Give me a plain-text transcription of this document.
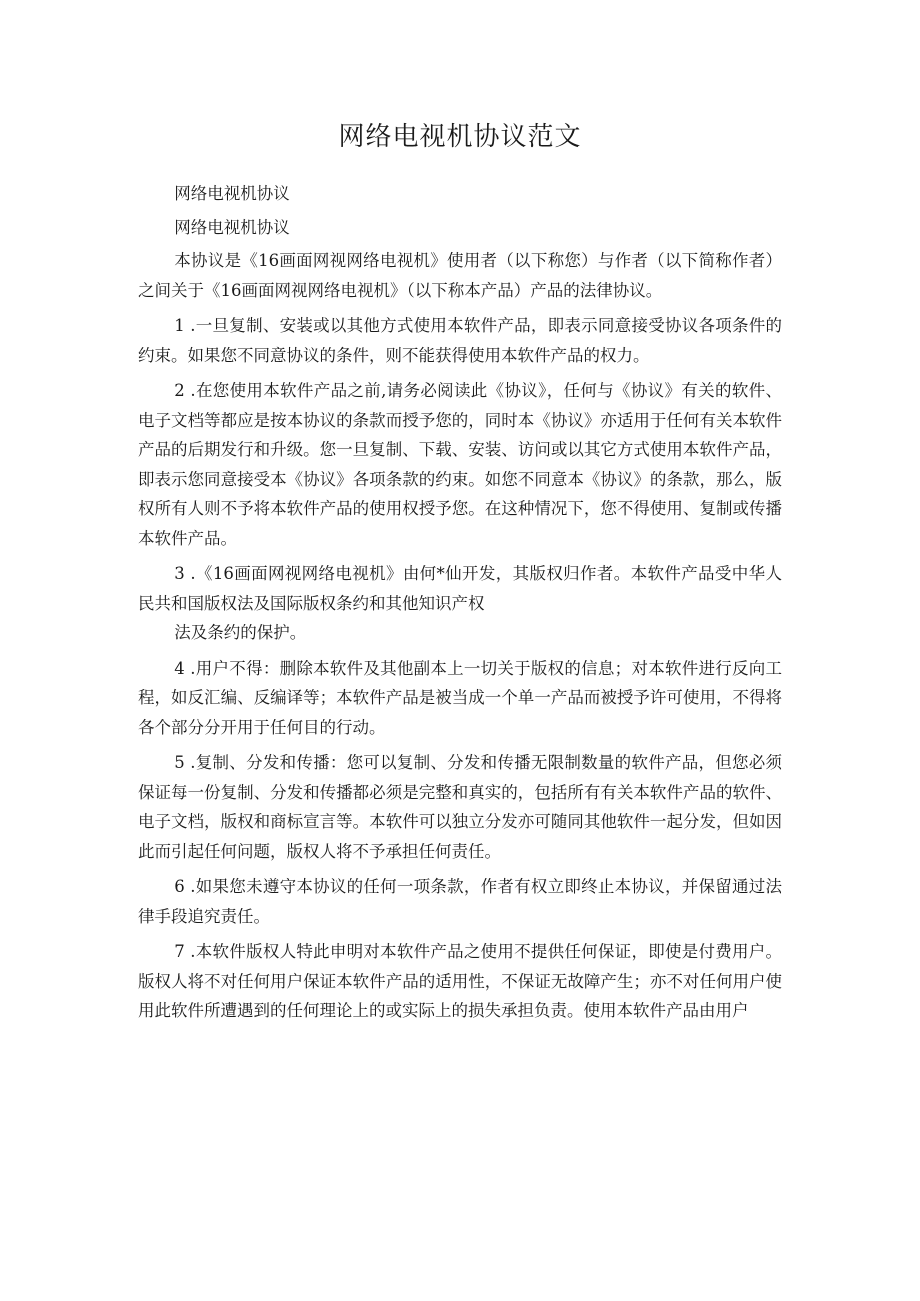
网络电视机协议范文

网络电视机协议

网络电视机协议

本协议是《16画面网视网络电视机》使用者（以下称您）与作者（以下简称作者）之间关于《16画面网视网络电视机》（以下称本产品）产品的法律协议。

1 .一旦复制、安装或以其他方式使用本软件产品，即表示同意接受协议各项条件的约束。如果您不同意协议的条件，则不能获得使用本软件产品的权力。

2 .在您使用本软件产品之前,请务必阅读此《协议》，任何与《协议》有关的软件、电子文档等都应是按本协议的条款而授予您的，同时本《协议》亦适用于任何有关本软件产品的后期发行和升级。您一旦复制、下载、安装、访问或以其它方式使用本软件产品，即表示您同意接受本《协议》各项条款的约束。如您不同意本《协议》的条款，那么，版权所有人则不予将本软件产品的使用权授予您。在这种情况下，您不得使用、复制或传播本软件产品。

3 .《16画面网视网络电视机》由何*仙开发，其版权归作者。本软件产品受中华人民共和国版权法及国际版权条约和其他知识产权

法及条约的保护。

4 .用户不得：删除本软件及其他副本上一切关于版权的信息；对本软件进行反向工程，如反汇编、反编译等；本软件产品是被当成一个单一产品而被授予许可使用，不得将各个部分分开用于任何目的行动。

5 .复制、分发和传播：您可以复制、分发和传播无限制数量的软件产品，但您必须保证每一份复制、分发和传播都必须是完整和真实的，包括所有有关本软件产品的软件、电子文档，版权和商标宣言等。本软件可以独立分发亦可随同其他软件一起分发，但如因此而引起任何问题，版权人将不予承担任何责任。

6 .如果您未遵守本协议的任何一项条款，作者有权立即终止本协议，并保留通过法律手段追究责任。

7 .本软件版权人特此申明对本软件产品之使用不提供任何保证，即使是付费用户。版权人将不对任何用户保证本软件产品的适用性，不保证无故障产生；亦不对任何用户使用此软件所遭遇到的任何理论上的或实际上的损失承担负责。使用本软件产品由用户
